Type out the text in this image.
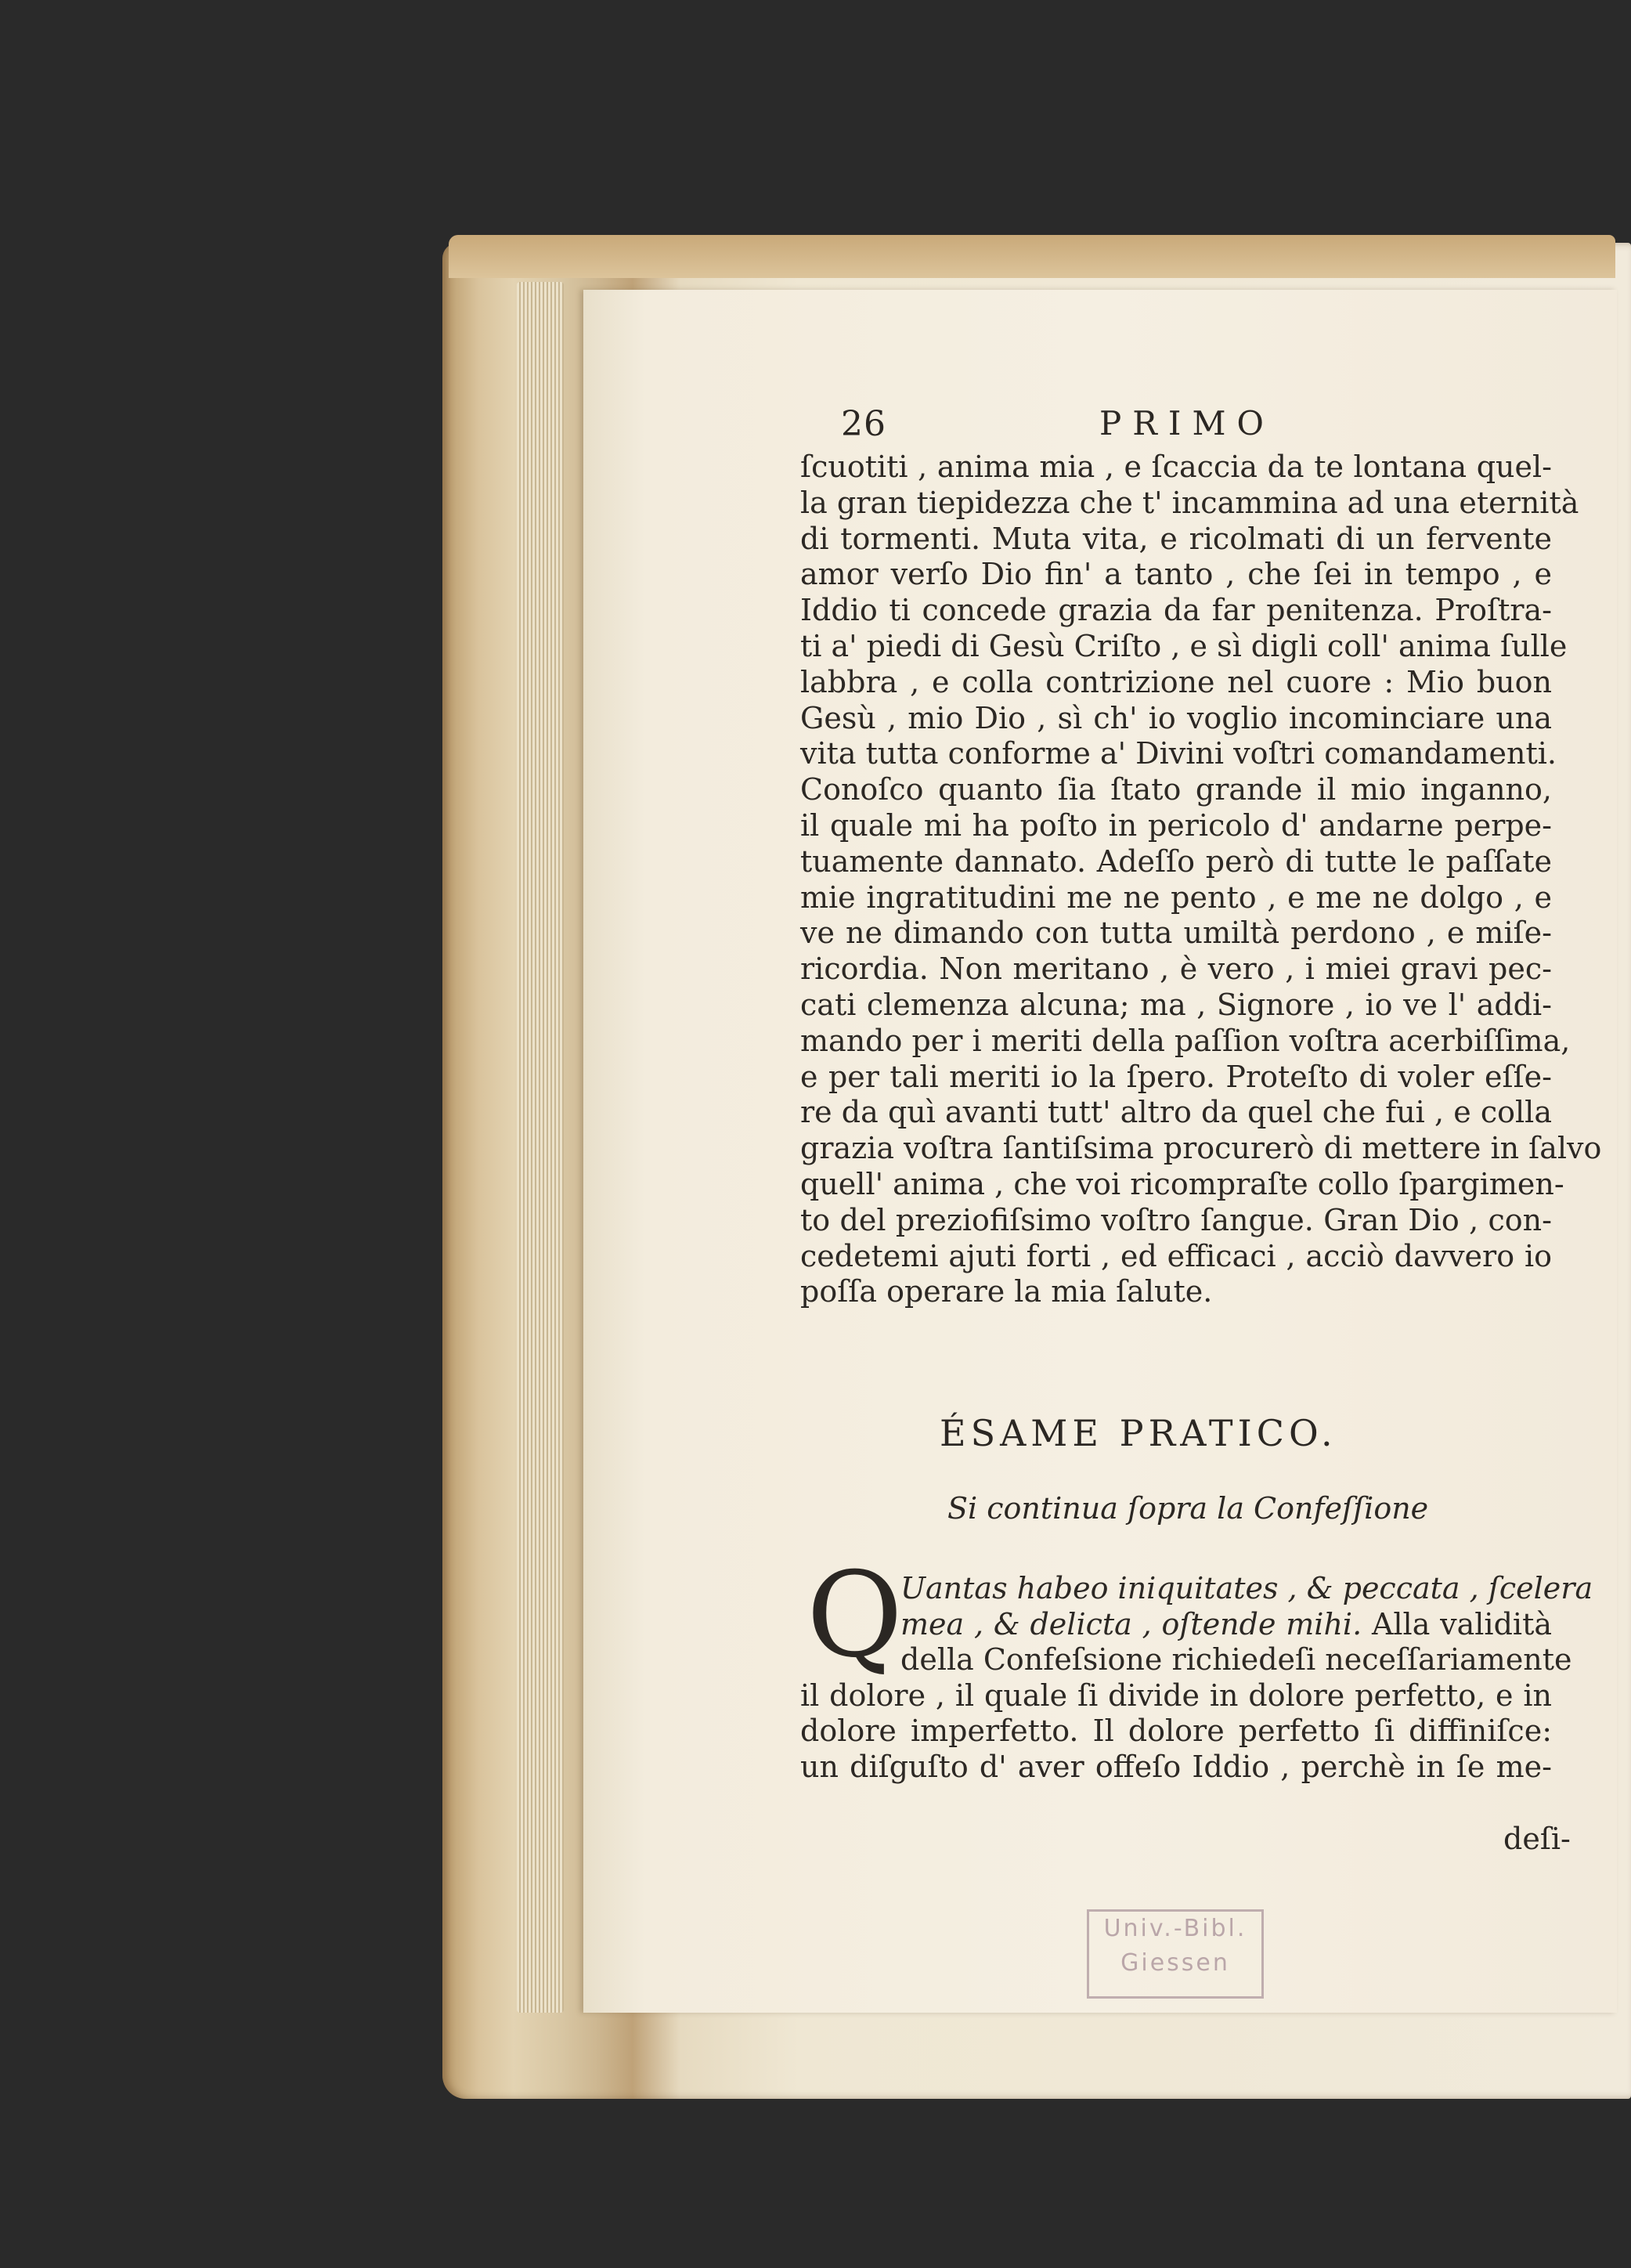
26	PRIMO
ſcuotiti , anima mia , e ſcaccia da te lontana quel-
la gran tiepidezza che t' incammina ad una eternità
di tormenti. Muta vita, e ricolmati di un fervente
amor verſo Dio fin' a tanto , che ſei in tempo , e
Iddio ti concede grazia da far penitenza. Proſtra-
ti a' piedi di Gesù Criſto , e sì digli coll' anima ſulle
labbra , e colla contrizione nel cuore : Mio buon
Gesù , mio Dio , sì ch' io voglio incominciare una
vita tutta conforme a' Divini voſtri comandamenti.
Conoſco quanto ſia ſtato grande il mio inganno,
il quale mi ha poſto in pericolo d' andarne perpe-
tuamente dannato. Adeſſo però di tutte le paſſate
mie ingratitudini me ne pento , e me ne dolgo , e
ve ne dimando con tutta umiltà perdono , e miſe-
ricordia. Non meritano , è vero , i miei gravi pec-
cati clemenza alcuna; ma , Signore , io ve l' addi-
mando per i meriti della paſſion voſtra acerbiſſima,
e per tali meriti io la ſpero. Proteſto di voler eſſe-
re da quì avanti tutt' altro da quel che fui , e colla
grazia voſtra ſantiſsima procurerò di mettere in ſalvo
quell' anima , che voi ricompraſte collo ſpargimen-
to del preziofiſsimo voſtro ſangue. Gran Dio , con-
cedetemi ajuti forti , ed efficaci , acciò davvero io
poſſa operare la mia ſalute.
ÉSAME PRATICO.
Si continua ſopra la Confeſſione
Q
Uantas habeo iniquitates , & peccata , ſcelera
mea , & delicta , oſtende mihi. Alla validità
della Confeſsione richiedeſi neceſſariamente
il dolore , il quale ſi divide in dolore perfetto, e in
dolore imperfetto. Il dolore perfetto ſi diffiniſce:
un diſguſto d' aver offeſo Iddio , perchè in ſe me-
deſi-
Univ.-Bibl.
Giessen
